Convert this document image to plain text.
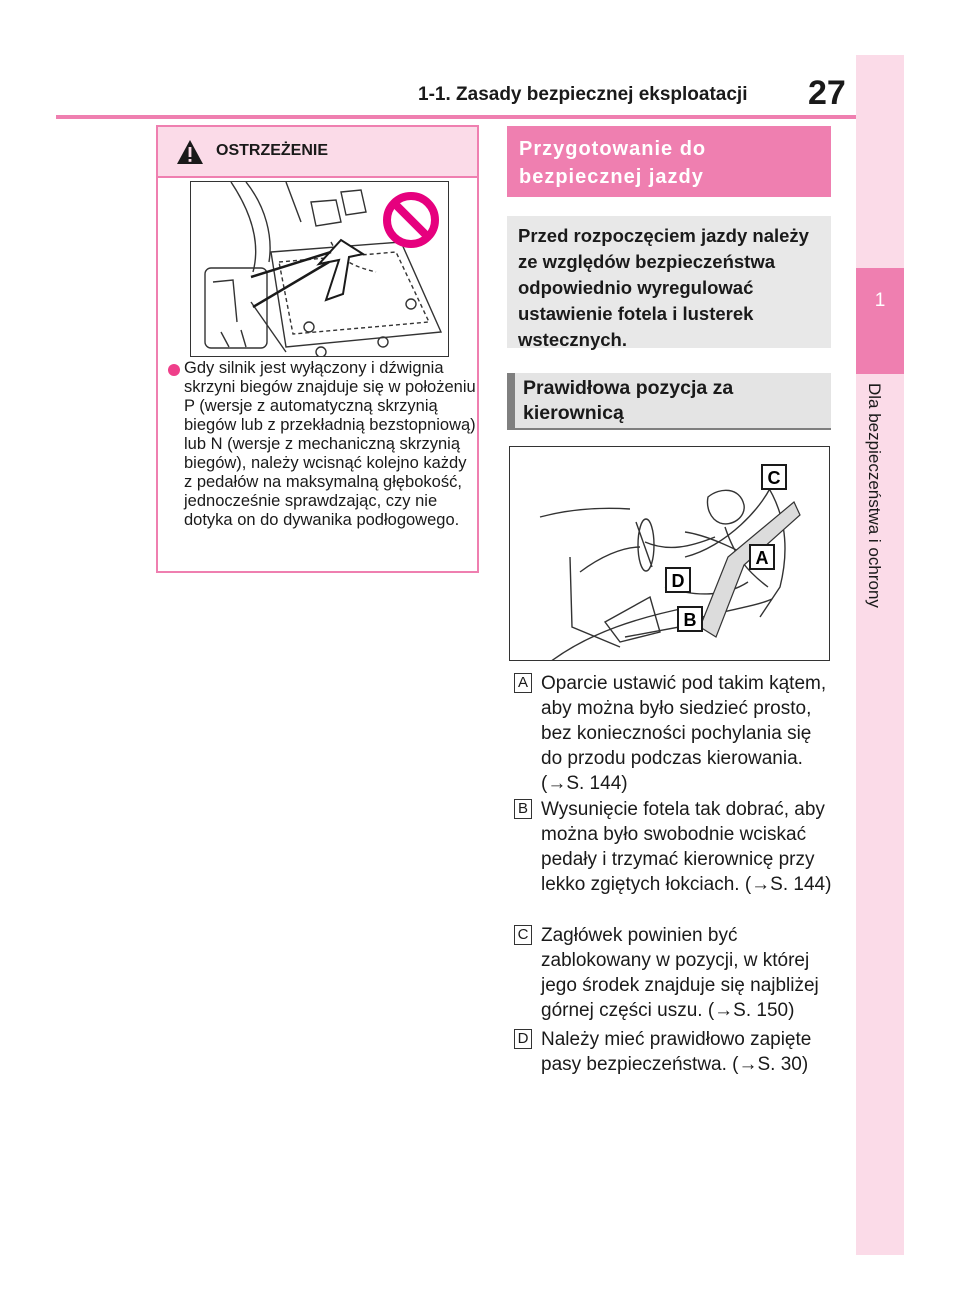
1-1. Zasady bezpiecznej eksploatacji 27
1
Dla bezpieczeństwa i ochrony
OSTRZEŻENIE
Gdy silnik jest wyłączony i dźwignia skrzyni biegów znajduje się w położeniu P (wersje z automatyczną skrzynią biegów lub z przekładnią bezstopniową) lub N (wersje z mechaniczną skrzynią biegów), należy wcisnąć kolejno każdy z pedałów na maksymalną głębokość, jednocześnie sprawdzając, czy nie dotyka on do dywanika podłogowego.
Przygotowanie do bezpiecznej jazdy
Przed rozpoczęciem jazdy należy ze względów bezpieczeństwa odpowiednio wyregulować ustawienie fotela i lusterek wstecznych.
Prawidłowa pozycja za kierownicą
C
A
D
B
A Oparcie ustawić pod takim kątem, aby można było siedzieć prosto, bez konieczności pochylania się do przodu podczas kierowania. (→S. 144)
B Wysunięcie fotela tak dobrać, aby można było swobodnie wciskać pedały i trzymać kierownicę przy lekko zgiętych łokciach. (→S. 144)
C Zagłówek powinien być zablokowany w pozycji, w której jego środek znajduje się najbliżej górnej części uszu. (→S. 150)
D Należy mieć prawidłowo zapięte pasy bezpieczeństwa. (→S. 30)
